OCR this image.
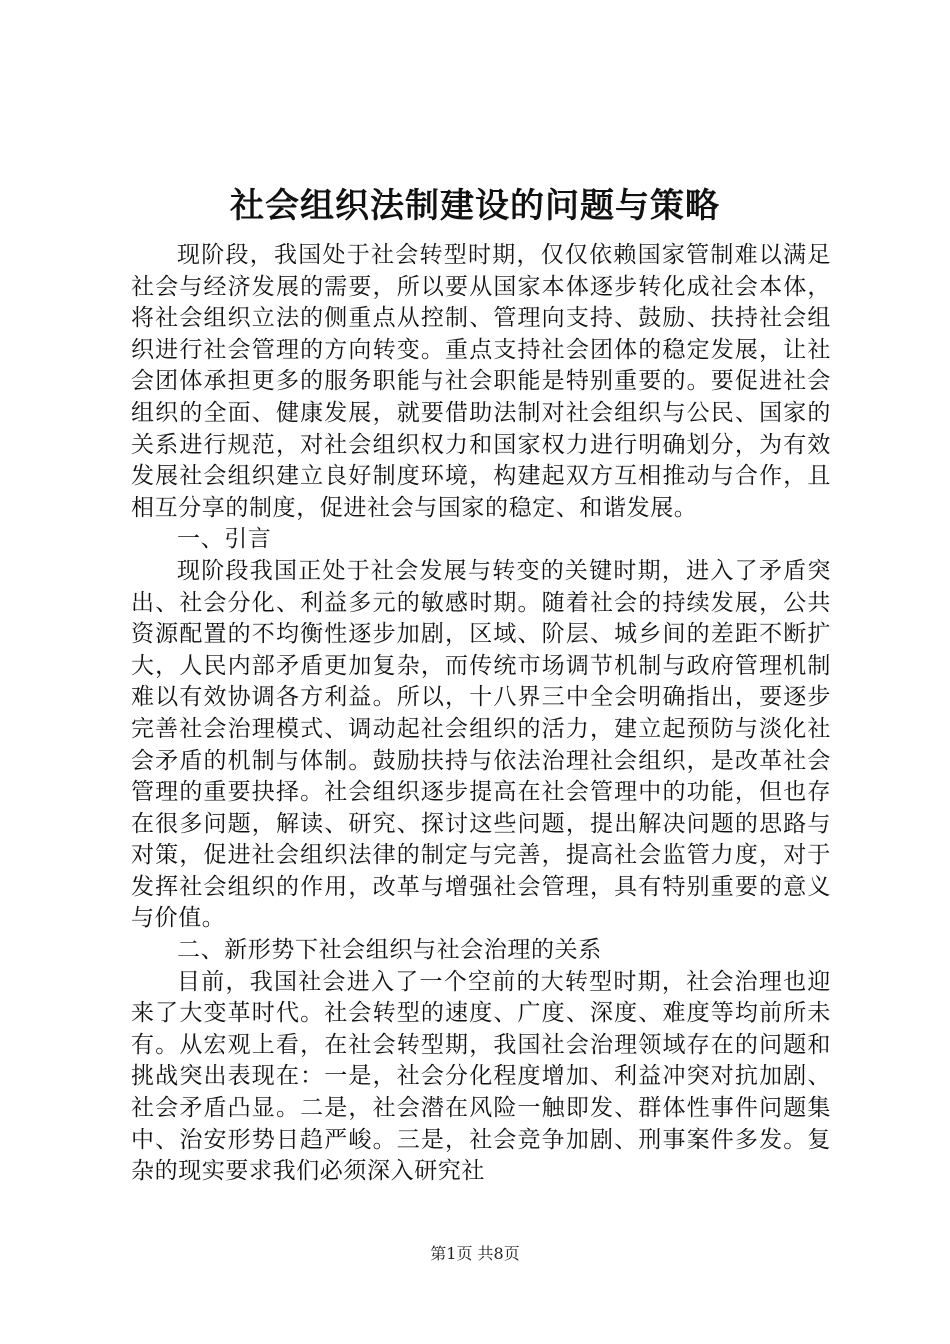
社会组织法制建设的问题与策略

现阶段，我国处于社会转型时期，仅仅依赖国家管制难以满足社会与经济发展的需要，所以要从国家本体逐步转化成社会本体，将社会组织立法的侧重点从控制、管理向支持、鼓励、扶持社会组织进行社会管理的方向转变。重点支持社会团体的稳定发展，让社会团体承担更多的服务职能与社会职能是特别重要的。要促进社会组织的全面、健康发展，就要借助法制对社会组织与公民、国家的关系进行规范，对社会组织权力和国家权力进行明确划分，为有效发展社会组织建立良好制度环境，构建起双方互相推动与合作，且相互分享的制度，促进社会与国家的稳定、和谐发展。

一、引言

现阶段我国正处于社会发展与转变的关键时期，进入了矛盾突出、社会分化、利益多元的敏感时期。随着社会的持续发展，公共资源配置的不均衡性逐步加剧，区域、阶层、城乡间的差距不断扩大，人民内部矛盾更加复杂，而传统市场调节机制与政府管理机制难以有效协调各方利益。所以，十八界三中全会明确指出，要逐步完善社会治理模式、调动起社会组织的活力，建立起预防与淡化社会矛盾的机制与体制。鼓励扶持与依法治理社会组织，是改革社会管理的重要抉择。社会组织逐步提高在社会管理中的功能，但也存在很多问题，解读、研究、探讨这些问题，提出解决问题的思路与对策，促进社会组织法律的制定与完善，提高社会监管力度，对于发挥社会组织的作用，改革与增强社会管理，具有特别重要的意义与价值。

二、新形势下社会组织与社会治理的关系

目前，我国社会进入了一个空前的大转型时期，社会治理也迎来了大变革时代。社会转型的速度、广度、深度、难度等均前所未有。从宏观上看，在社会转型期，我国社会治理领域存在的问题和挑战突出表现在：一是，社会分化程度增加、利益冲突对抗加剧、社会矛盾凸显。二是，社会潜在风险一触即发、群体性事件问题集中、治安形势日趋严峻。三是，社会竞争加剧、刑事案件多发。复杂的现实要求我们必须深入研究社

第1页 共8页
